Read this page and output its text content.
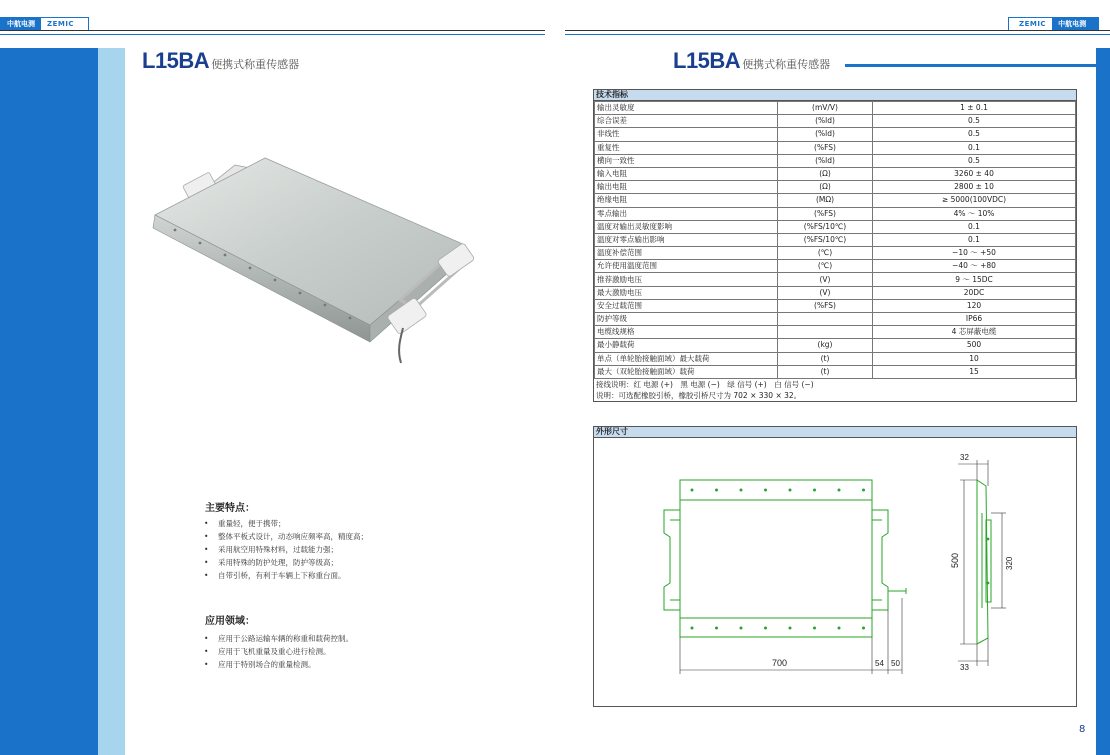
中航电测	ZEMIC	ZEMIC	中航电测
L15BA 便携式称重传感器
主要特点：
• 重量轻，便于携带；
• 整体平板式设计，动态响应频率高，精度高；
• 采用航空用特殊材料，过载能力强；
• 采用特殊的防护处理，防护等级高；
• 自带引桥，有利于车辆上下称重台面。
应用领域：
• 应用于公路运输车辆的称重和载荷控制。
• 应用于飞机重量及重心进行检测。
• 应用于特别场合的重量检测。
L15BA 便携式称重传感器
技术指标
输出灵敏度	(mV/V)	1 ± 0.1
综合误差	(%ld)	0.5
非线性	(%ld)	0.5
重复性	(%FS)	0.1
横向一致性	(%ld)	0.5
输入电阻	(Ω)	3260 ± 40
输出电阻	(Ω)	2800 ± 10
绝缘电阻	(MΩ)	≥ 5000(100VDC)
零点输出	(%FS)	4% ～ 10%
温度对输出灵敏度影响	(%FS/10℃)	0.1
温度对零点输出影响	(%FS/10℃)	0.1
温度补偿范围	(℃)	−10 ～ +50
允许使用温度范围	(℃)	−40 ～ +80
推荐激励电压	(V)	9 ～ 15DC
最大激励电压	(V)	20DC
安全过载范围	(%FS)	120
防护等级		IP66
电缆线规格		4 芯屏蔽电缆
最小静载荷	(kg)	500
单点（单轮胎接触面域）最大载荷	(t)	10
最大（双轮胎接触面域）载荷	(t)	15
接线说明：红 电源 (+)　黑 电源 (−)　绿 信号 (+)　白 信号 (−)
说明：可选配橡胶引桥，橡胶引桥尺寸为 702 × 330 × 32。
外形尺寸
700	54 50
32
33
500	320
8
